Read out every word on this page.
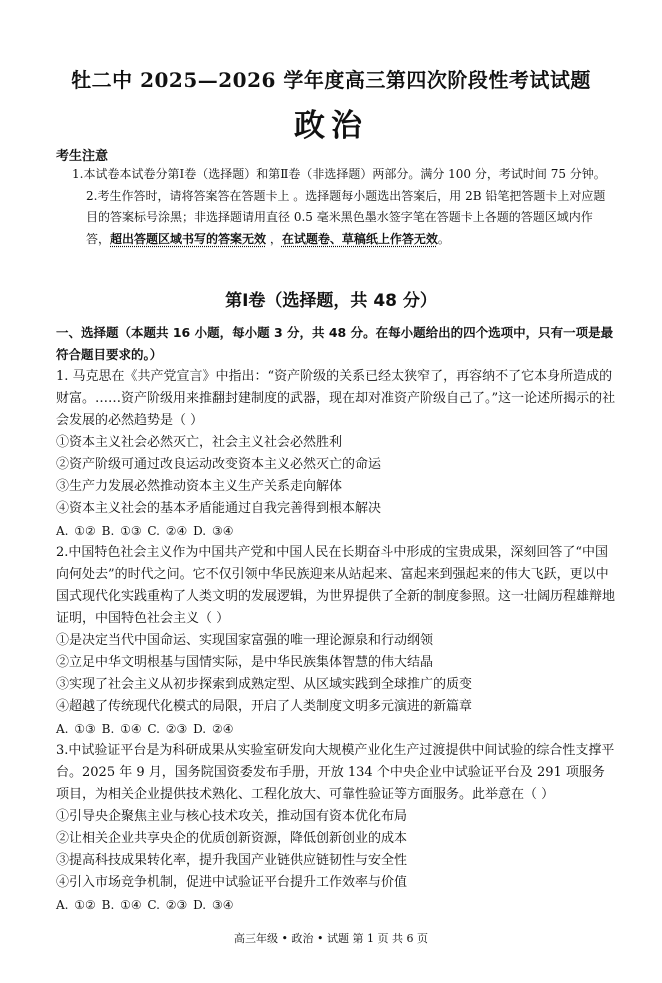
牡二中 2025—2026 学年度高三第四次阶段性考试试题
政治
考生注意
1.本试卷本试卷分第Ⅰ卷（选择题）和第Ⅱ卷（非选择题）两部分。满分 100 分，考试时间 75 分钟。2.考生作答时，请将答案答在答题卡上 。选择题每小题选出答案后，用 2B 铅笔把答题卡上对应题目的答案标号涂黑；非选择题请用直径 0.5 毫米黑色墨水签字笔在答题卡上各题的答题区域内作答，超出答题区域书写的答案无效 ，在试题卷、草稿纸上作答无效。
第Ⅰ卷（选择题，共 48 分）
一、选择题（本题共 16 小题，每小题 3 分，共 48 分。在每小题给出的四个选项中，只有一项是最符合题目要求的。）
1. 马克思在《共产党宣言》中指出：“资产阶级的关系已经太狭窄了，再容纳不了它本身所造成的财富。……资产阶级用来推翻封建制度的武器，现在却对准资产阶级自己了。”这一论述所揭示的社会发展的必然趋势是（ ）
①资本主义社会必然灭亡，社会主义社会必然胜利
②资产阶级可通过改良运动改变资本主义必然灭亡的命运
③生产力发展必然推动资本主义生产关系走向解体
④资本主义社会的基本矛盾能通过自我完善得到根本解决
A. ①② B. ①③ C. ②④ D. ③④
2.中国特色社会主义作为中国共产党和中国人民在长期奋斗中形成的宝贵成果，深刻回答了“中国向何处去”的时代之问。它不仅引领中华民族迎来从站起来、富起来到强起来的伟大飞跃，更以中国式现代化实践重构了人类文明的发展逻辑，为世界提供了全新的制度参照。这一壮阔历程雄辩地证明，中国特色社会主义（ ）
①是决定当代中国命运、实现国家富强的唯一理论源泉和行动纲领
②立足中华文明根基与国情实际，是中华民族集体智慧的伟大结晶
③实现了社会主义从初步探索到成熟定型、从区域实践到全球推广的质变
④超越了传统现代化模式的局限，开启了人类制度文明多元演进的新篇章
A. ①③ B. ①④ C. ②③ D. ②④
3.中试验证平台是为科研成果从实验室研发向大规模产业化生产过渡提供中间试验的综合性支撑平台。2025 年 9 月，国务院国资委发布手册，开放 134 个中央企业中试验证平台及 291 项服务项目，为相关企业提供技术熟化、工程化放大、可靠性验证等方面服务。此举意在（ ）
①引导央企聚焦主业与核心技术攻关，推动国有资本优化布局
②让相关企业共享央企的优质创新资源，降低创新创业的成本
③提高科技成果转化率，提升我国产业链供应链韧性与安全性
④引入市场竞争机制，促进中试验证平台提升工作效率与价值
A. ①② B. ①④ C. ②③ D. ③④
高三年级 • 政治 • 试题 第 1 页 共 6 页
